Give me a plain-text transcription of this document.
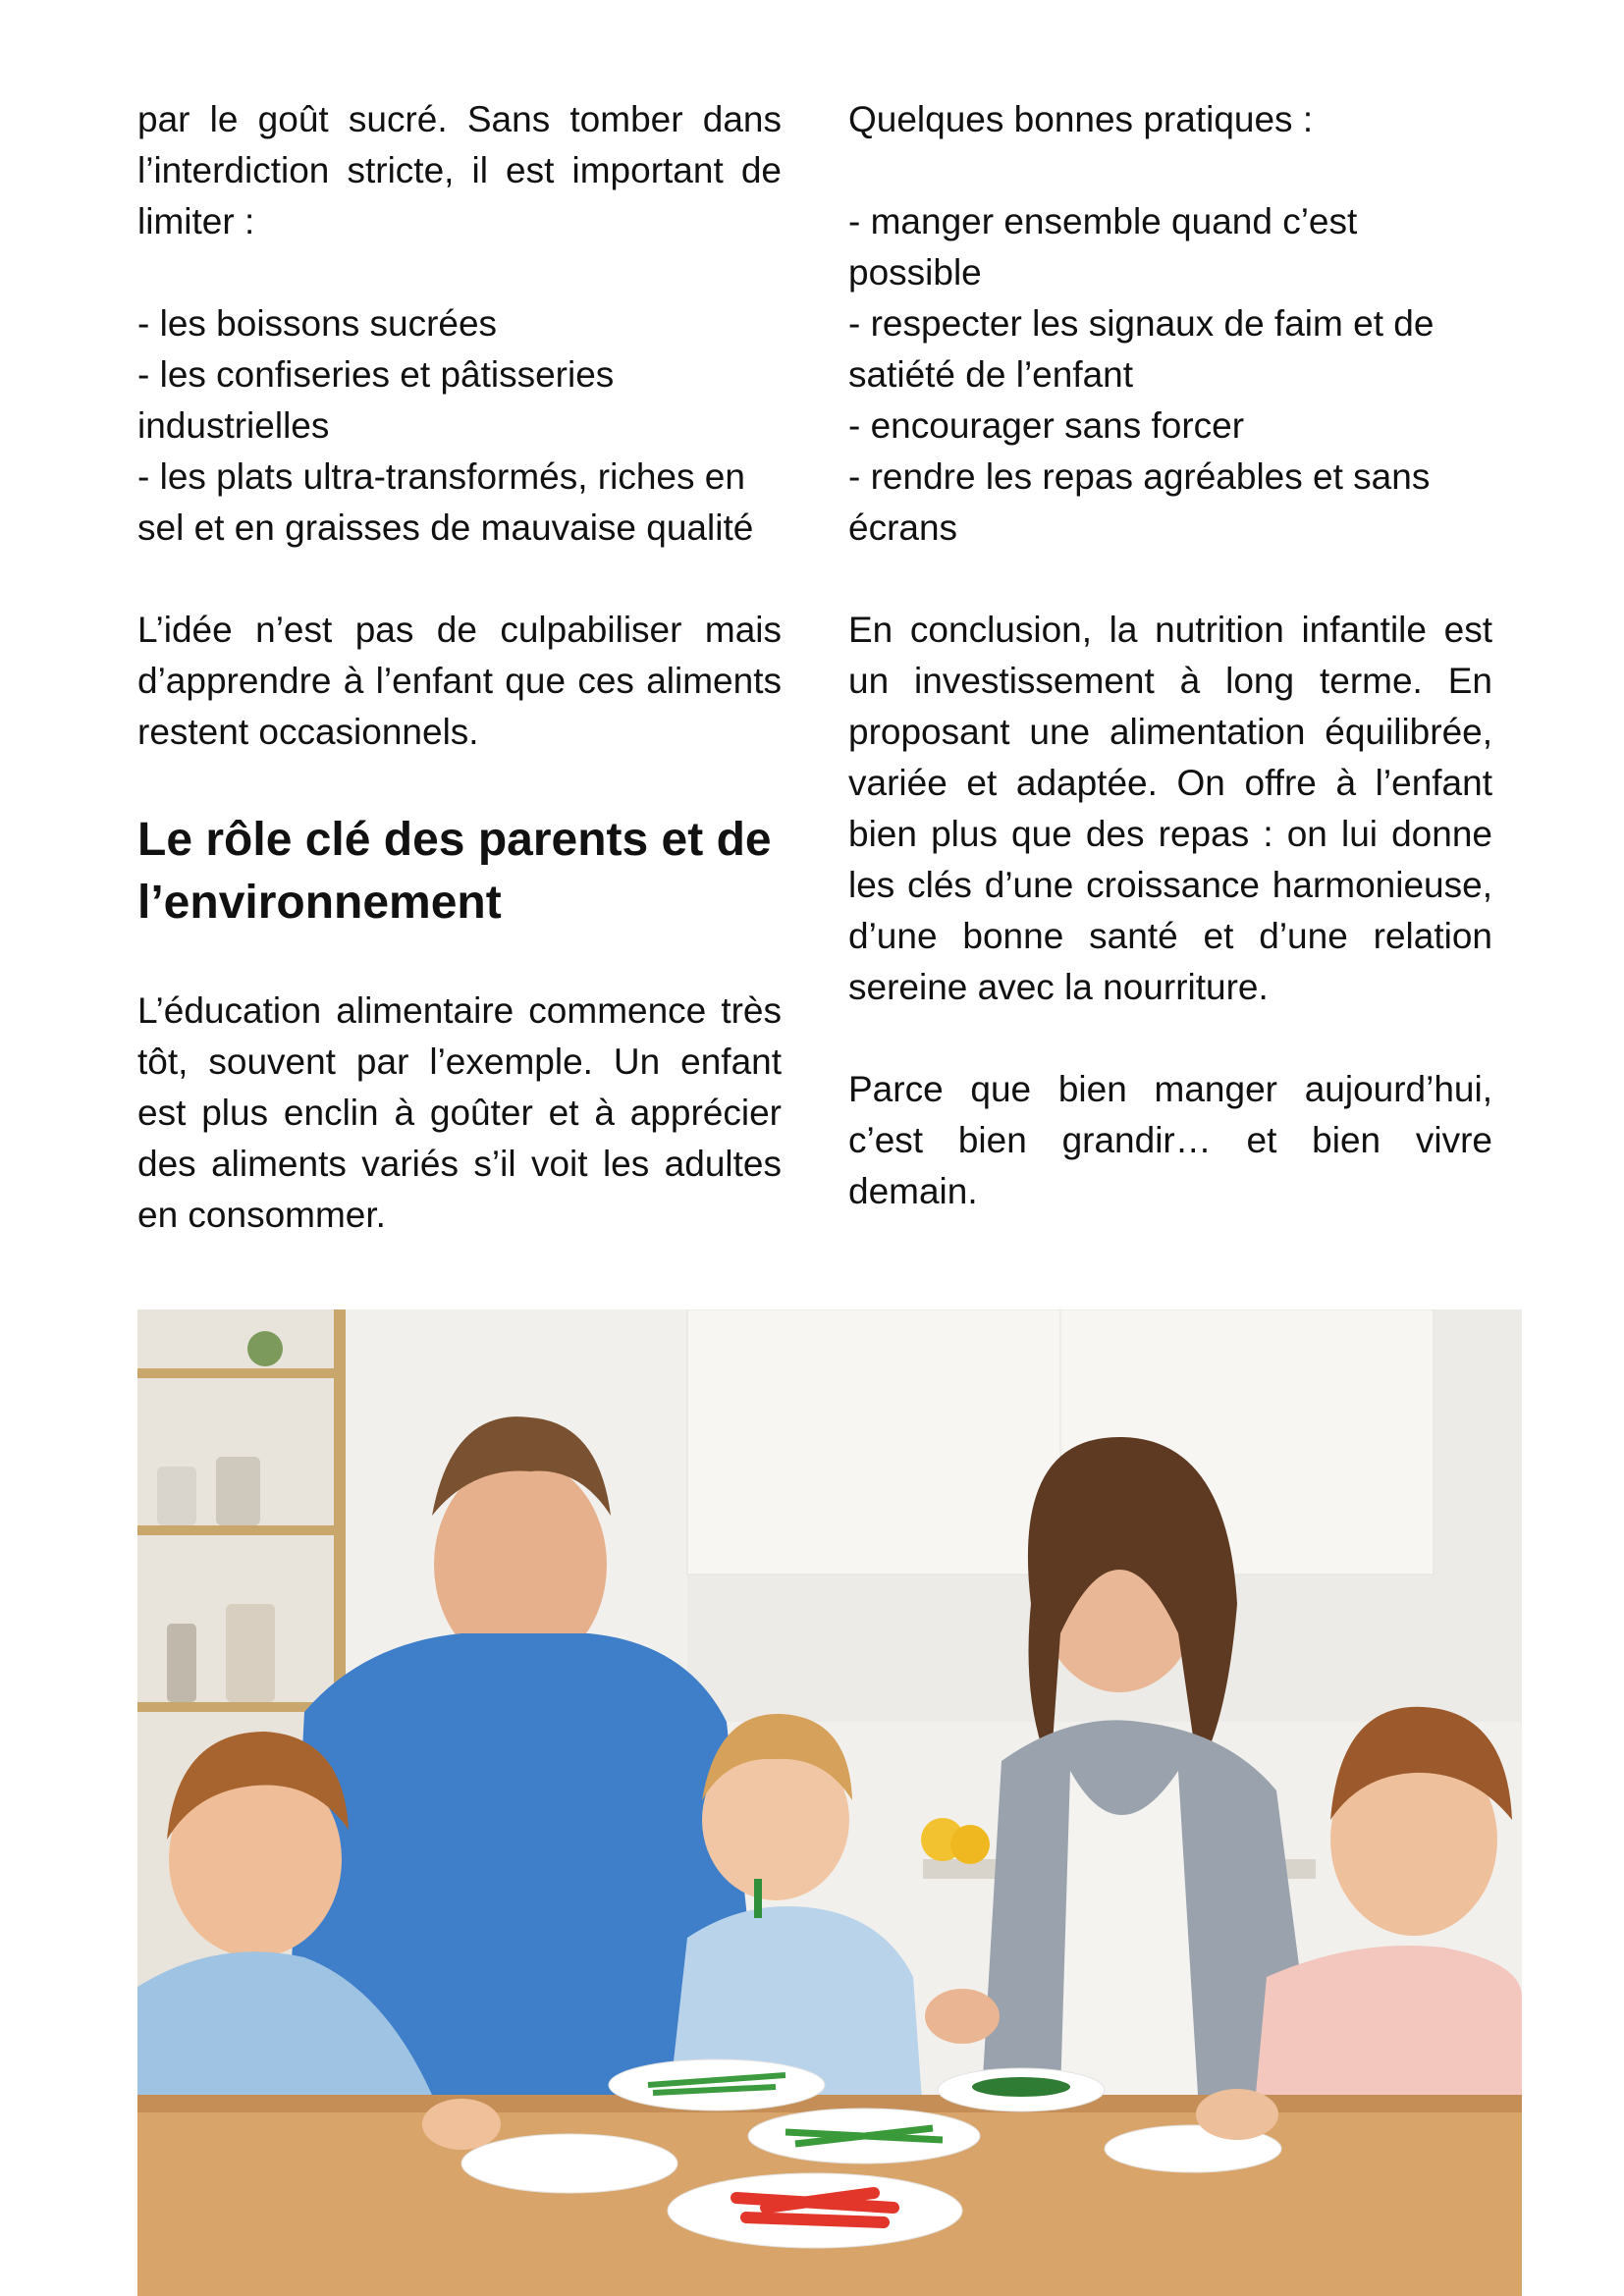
par le goût sucré. Sans tomber dans l’interdiction stricte, il est important de limiter :

- les boissons sucrées
- les confiseries et pâtisseries industrielles
- les plats ultra-transformés, riches en sel et en graisses de mauvaise qualité

L’idée n’est pas de culpabiliser mais d’apprendre à l’enfant que ces aliments restent occasionnels.

Le rôle clé des parents et de l’environnement

L’éducation alimentaire commence très tôt, souvent par l’exemple. Un enfant est plus enclin à goûter et à apprécier des aliments variés s’il voit les adultes en consommer.

Quelques bonnes pratiques :

- manger ensemble quand c’est possible
- respecter les signaux de faim et de satiété de l’enfant
- encourager sans forcer
- rendre les repas agréables et sans écrans

En conclusion, la nutrition infantile est un investissement à long terme. En proposant une alimentation équilibrée, variée et adaptée. On offre à l’enfant bien plus que des repas : on lui donne les clés d’une croissance harmonieuse, d’une bonne santé et d’une relation sereine avec la nourriture.

Parce que bien manger aujourd’hui, c’est bien grandir… et bien vivre demain.
